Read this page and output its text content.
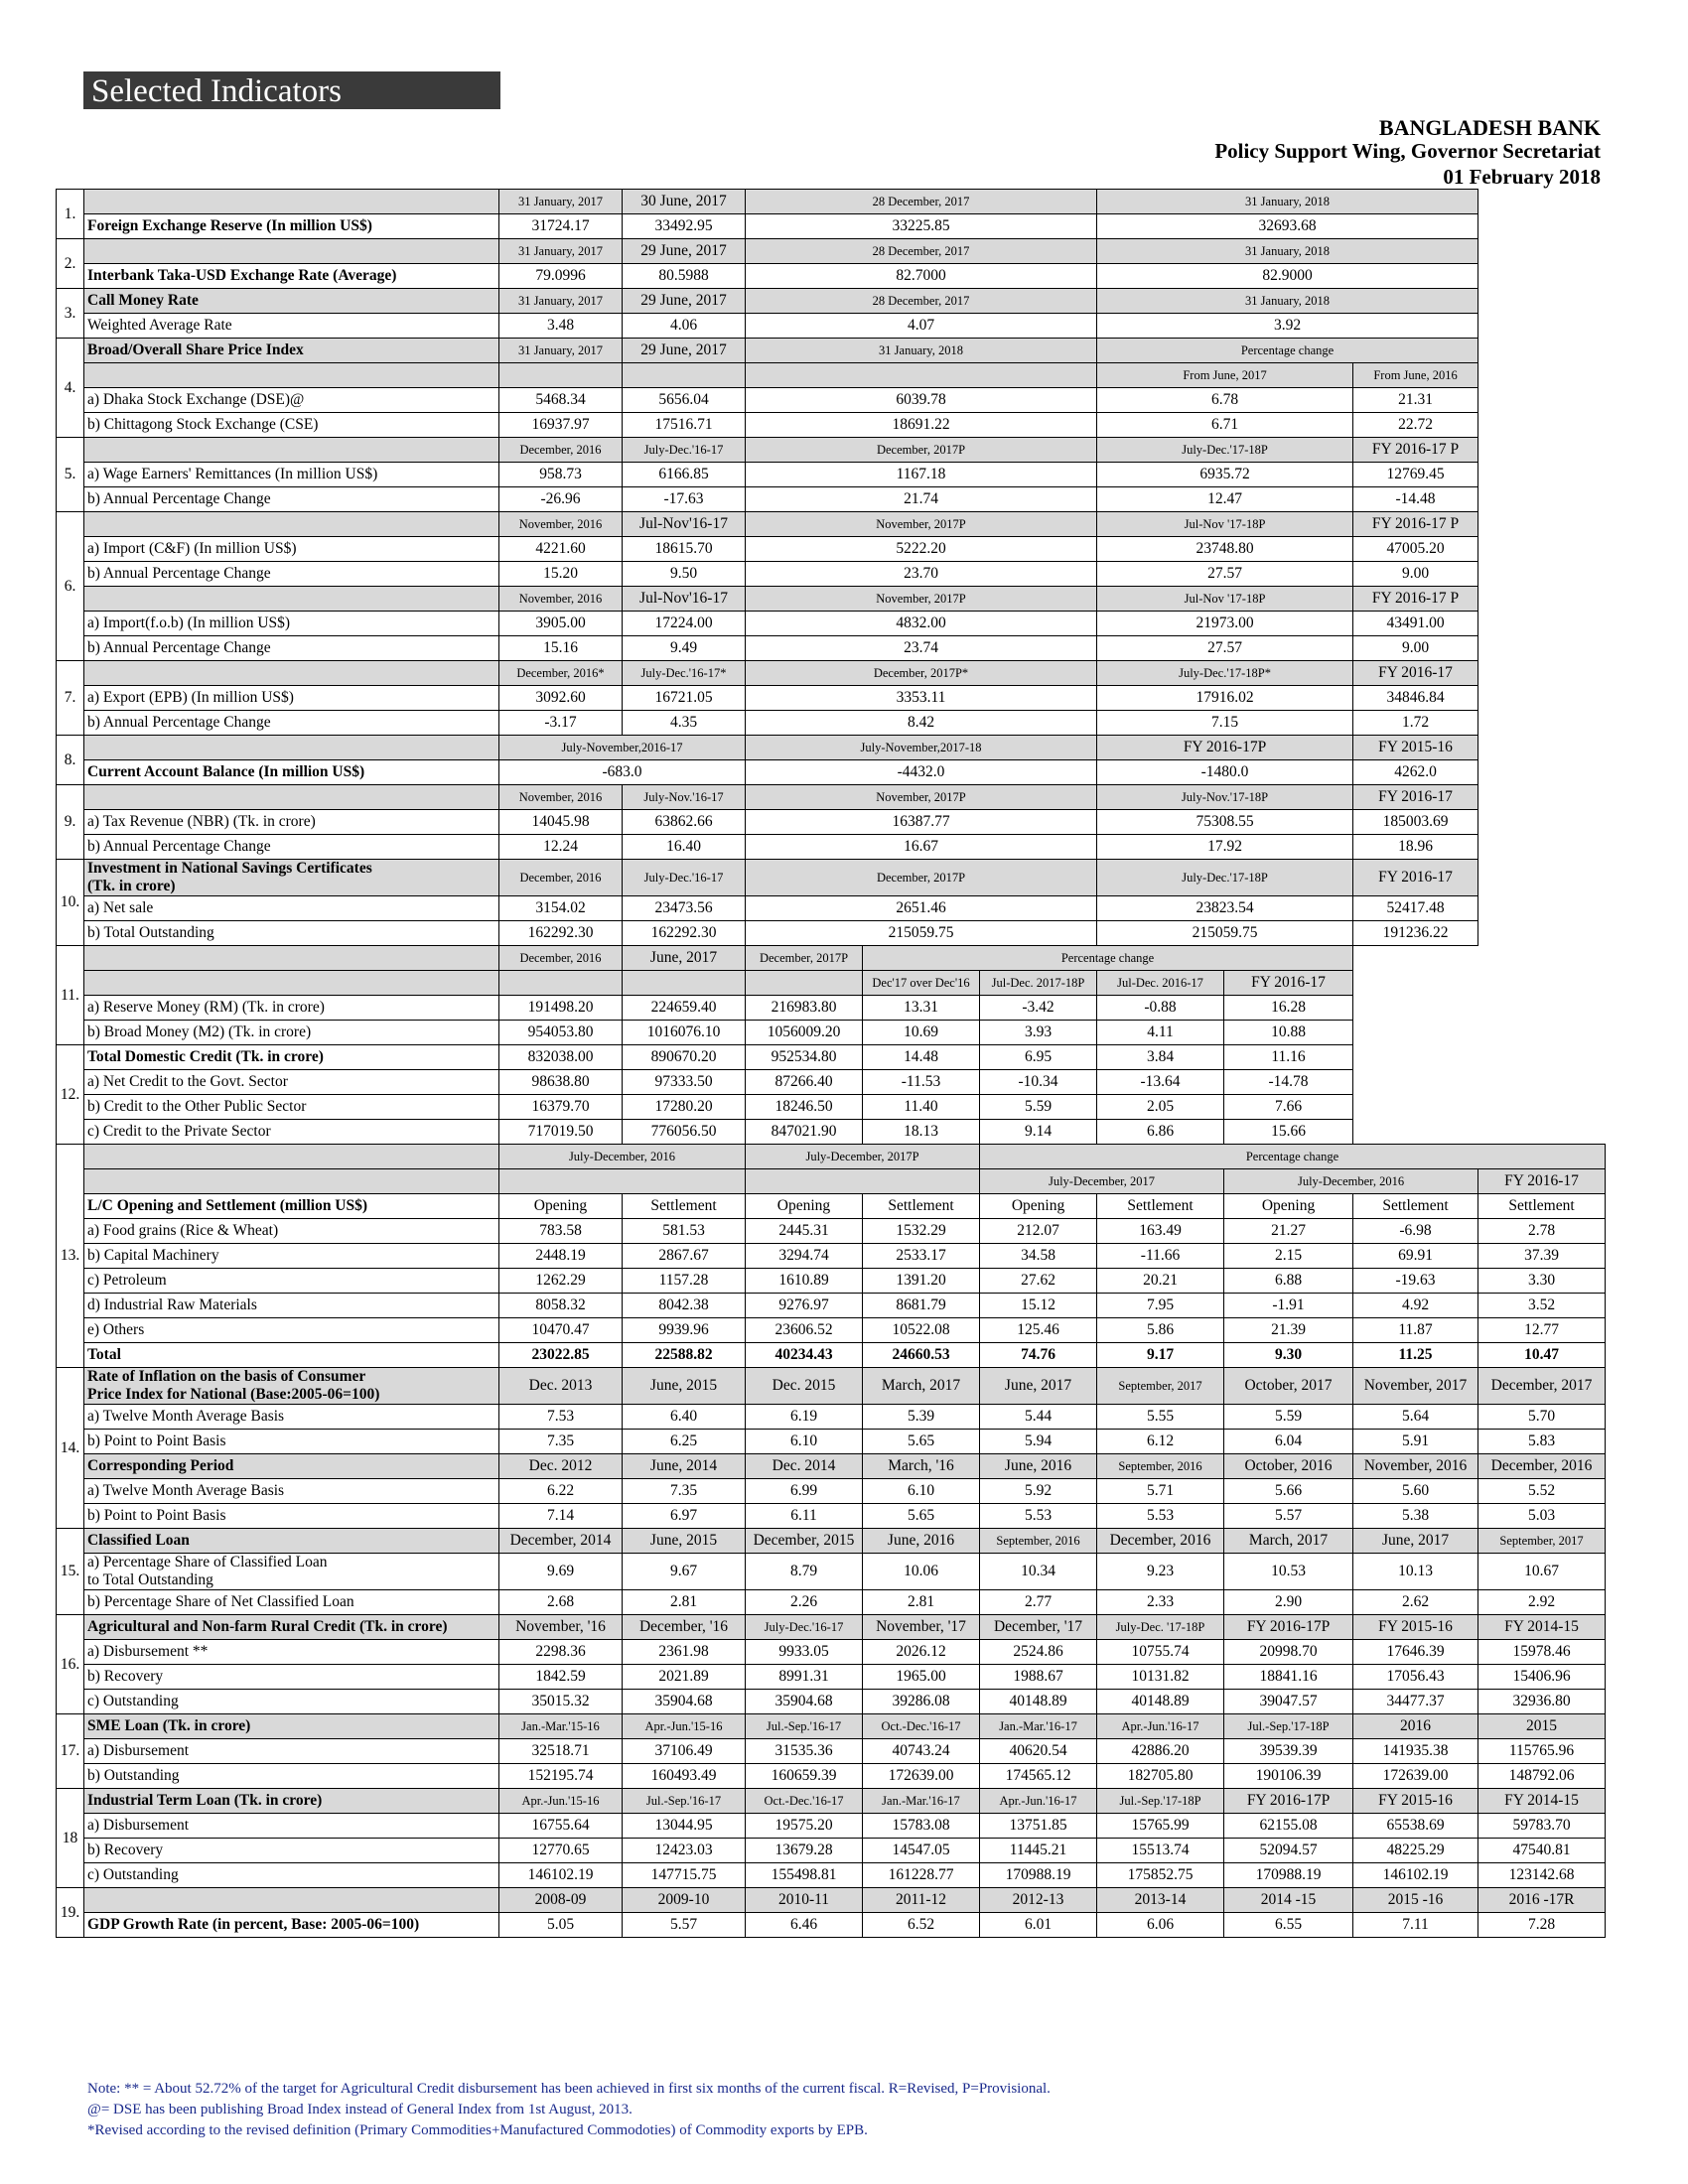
Selected Indicators
BANGLADESH BANK
Policy Support Wing, Governor Secretariat
01 February 2018
1.		31 January, 2017	30 June, 2017	28 December, 2017			31 January, 2018			
	Foreign Exchange Reserve (In million US$)	31724.17	33492.95	33225.85			32693.68			
2.		31 January, 2017	29 June, 2017	28 December, 2017			31 January, 2018			
	Interbank Taka-USD Exchange Rate (Average)	79.0996	80.5988	82.7000			82.9000			
3.	Call Money Rate	31 January, 2017	29 June, 2017	28 December, 2017			31 January, 2018			
	Weighted Average Rate	3.48	4.06	4.07			3.92			
4.	Broad/Overall Share Price Index	31 January, 2017	29 June, 2017	31 January, 2018			Percentage change			
							From June, 2017		From June, 2016	
	a) Dhaka Stock Exchange (DSE)@	5468.34	5656.04	6039.78			6.78		21.31	
	b) Chittagong Stock Exchange (CSE)	16937.97	17516.71	18691.22			6.71		22.72	
5.		December, 2016	July-Dec.'16-17	December, 2017P			July-Dec.'17-18P		FY 2016-17 P	
	a) Wage Earners' Remittances (In million US$)	958.73	6166.85	1167.18			6935.72		12769.45	
	b) Annual Percentage Change	-26.96	-17.63	21.74			12.47		-14.48	
6.		November, 2016	Jul-Nov'16-17	November, 2017P			Jul-Nov '17-18P		FY 2016-17 P	
	a) Import (C&F) (In million US$)	4221.60	18615.70	5222.20			23748.80		47005.20	
	b) Annual Percentage Change	15.20	9.50	23.70			27.57		9.00	
		November, 2016	Jul-Nov'16-17	November, 2017P			Jul-Nov '17-18P		FY 2016-17 P	
	a) Import(f.o.b) (In million US$)	3905.00	17224.00	4832.00			21973.00		43491.00	
	b) Annual Percentage Change	15.16	9.49	23.74			27.57		9.00	
7.		December, 2016*	July-Dec.'16-17*	December, 2017P*			July-Dec.'17-18P*		FY 2016-17	
	a) Export (EPB) (In million US$)	3092.60	16721.05	3353.11			17916.02		34846.84	
	b) Annual Percentage Change	-3.17	4.35	8.42			7.15		1.72	
8.		July-November,2016-17		July-November,2017-18			FY 2016-17P		FY 2015-16	
	Current Account Balance (In million US$)	-683.0		-4432.0			-1480.0		4262.0	
9.		November, 2016	July-Nov.'16-17	November, 2017P			July-Nov.'17-18P		FY 2016-17	
	a) Tax Revenue (NBR) (Tk. in crore)	14045.98	63862.66	16387.77			75308.55		185003.69	
	b) Annual Percentage Change	12.24	16.40	16.67			17.92		18.96	
10.	Investment in National Savings Certificates
(Tk. in crore)	December, 2016	July-Dec.'16-17	December, 2017P			July-Dec.'17-18P		FY 2016-17	
	a) Net sale	3154.02	23473.56	2651.46			23823.54		52417.48	
	b) Total Outstanding	162292.30	162292.30	215059.75			215059.75		191236.22	
11.		December, 2016	June, 2017	December, 2017P	Percentage change					
					Dec'17 over Dec'16	Jul-Dec. 2017-18P	Jul-Dec. 2016-17	FY 2016-17		
	a) Reserve Money (RM) (Tk. in crore)	191498.20	224659.40	216983.80	13.31	-3.42	-0.88	16.28		
	b) Broad Money (M2) (Tk. in crore)	954053.80	1016076.10	1056009.20	10.69	3.93	4.11	10.88		
12.	Total Domestic Credit (Tk. in crore)	832038.00	890670.20	952534.80	14.48	6.95	3.84	11.16		
	a) Net Credit to the Govt. Sector	98638.80	97333.50	87266.40	-11.53	-10.34	-13.64	-14.78		
	b) Credit to the Other Public Sector	16379.70	17280.20	18246.50	11.40	5.59	2.05	7.66		
	c) Credit to the Private Sector	717019.50	776056.50	847021.90	18.13	9.14	6.86	15.66		
13.		July-December, 2016		July-December, 2017P		Percentage change				
						July-December, 2017		July-December, 2016		FY 2016-17
	L/C Opening and Settlement (million US$)	Opening	Settlement	Opening	Settlement	Opening	Settlement	Opening	Settlement	Settlement
	a) Food grains (Rice & Wheat)	783.58	581.53	2445.31	1532.29	212.07	163.49	21.27	-6.98	2.78
	b) Capital Machinery	2448.19	2867.67	3294.74	2533.17	34.58	-11.66	2.15	69.91	37.39
	c) Petroleum	1262.29	1157.28	1610.89	1391.20	27.62	20.21	6.88	-19.63	3.30
	d) Industrial Raw Materials	8058.32	8042.38	9276.97	8681.79	15.12	7.95	-1.91	4.92	3.52
	e) Others	10470.47	9939.96	23606.52	10522.08	125.46	5.86	21.39	11.87	12.77
	Total	23022.85	22588.82	40234.43	24660.53	74.76	9.17	9.30	11.25	10.47
14.	Rate of Inflation on the basis of Consumer
Price Index for National (Base:2005-06=100)	Dec. 2013	June, 2015	Dec. 2015	March, 2017	June, 2017	September, 2017	October, 2017	November, 2017	December, 2017
	a) Twelve Month Average Basis	7.53	6.40	6.19	5.39	5.44	5.55	5.59	5.64	5.70
	b) Point to Point Basis	7.35	6.25	6.10	5.65	5.94	6.12	6.04	5.91	5.83
	Corresponding Period	Dec. 2012	June, 2014	Dec. 2014	March, '16	June, 2016	September, 2016	October, 2016	November, 2016	December, 2016
	a) Twelve Month Average Basis	6.22	7.35	6.99	6.10	5.92	5.71	5.66	5.60	5.52
	b) Point to Point Basis	7.14	6.97	6.11	5.65	5.53	5.53	5.57	5.38	5.03
15.	Classified Loan	December, 2014	June, 2015	December, 2015	June, 2016	September, 2016	December, 2016	March, 2017	June, 2017	September, 2017
	a) Percentage Share of Classified Loan
to Total Outstanding	9.69	9.67	8.79	10.06	10.34	9.23	10.53	10.13	10.67
	b) Percentage Share of Net Classified Loan	2.68	2.81	2.26	2.81	2.77	2.33	2.90	2.62	2.92
16.	Agricultural and Non-farm Rural Credit (Tk. in crore)	November, '16	December, '16	July-Dec.'16-17	November, '17	December, '17	July-Dec. '17-18P	FY 2016-17P	FY 2015-16	FY 2014-15
	a) Disbursement **	2298.36	2361.98	9933.05	2026.12	2524.86	10755.74	20998.70	17646.39	15978.46
	b) Recovery	1842.59	2021.89	8991.31	1965.00	1988.67	10131.82	18841.16	17056.43	15406.96
	c) Outstanding	35015.32	35904.68	35904.68	39286.08	40148.89	40148.89	39047.57	34477.37	32936.80
17.	SME Loan (Tk. in crore)	Jan.-Mar.'15-16	Apr.-Jun.'15-16	Jul.-Sep.'16-17	Oct.-Dec.'16-17	Jan.-Mar.'16-17	Apr.-Jun.'16-17	Jul.-Sep.'17-18P	2016	2015
	a) Disbursement	32518.71	37106.49	31535.36	40743.24	40620.54	42886.20	39539.39	141935.38	115765.96
	b) Outstanding	152195.74	160493.49	160659.39	172639.00	174565.12	182705.80	190106.39	172639.00	148792.06
18	Industrial Term Loan (Tk. in crore)	Apr.-Jun.'15-16	Jul.-Sep.'16-17	Oct.-Dec.'16-17	Jan.-Mar.'16-17	Apr.-Jun.'16-17	Jul.-Sep.'17-18P	FY 2016-17P	FY 2015-16	FY 2014-15
	a) Disbursement	16755.64	13044.95	19575.20	15783.08	13751.85	15765.99	62155.08	65538.69	59783.70
	b) Recovery	12770.65	12423.03	13679.28	14547.05	11445.21	15513.74	52094.57	48225.29	47540.81
	c) Outstanding	146102.19	147715.75	155498.81	161228.77	170988.19	175852.75	170988.19	146102.19	123142.68
19.		2008-09	2009-10	2010-11	2011-12	2012-13	2013-14	2014 -15	2015 -16	2016 -17R
	GDP Growth Rate (in percent, Base: 2005-06=100)	5.05	5.57	6.46	6.52	6.01	6.06	6.55	7.11	7.28
Note: ** = About 52.72% of the target for Agricultural Credit disbursement has been achieved in first six months of the current fiscal. R=Revised, P=Provisional.
@= DSE has been publishing Broad Index instead of General Index from 1st August, 2013.
*Revised according to the revised definition (Primary Commodities+Manufactured Commodoties) of Commodity exports by EPB.
